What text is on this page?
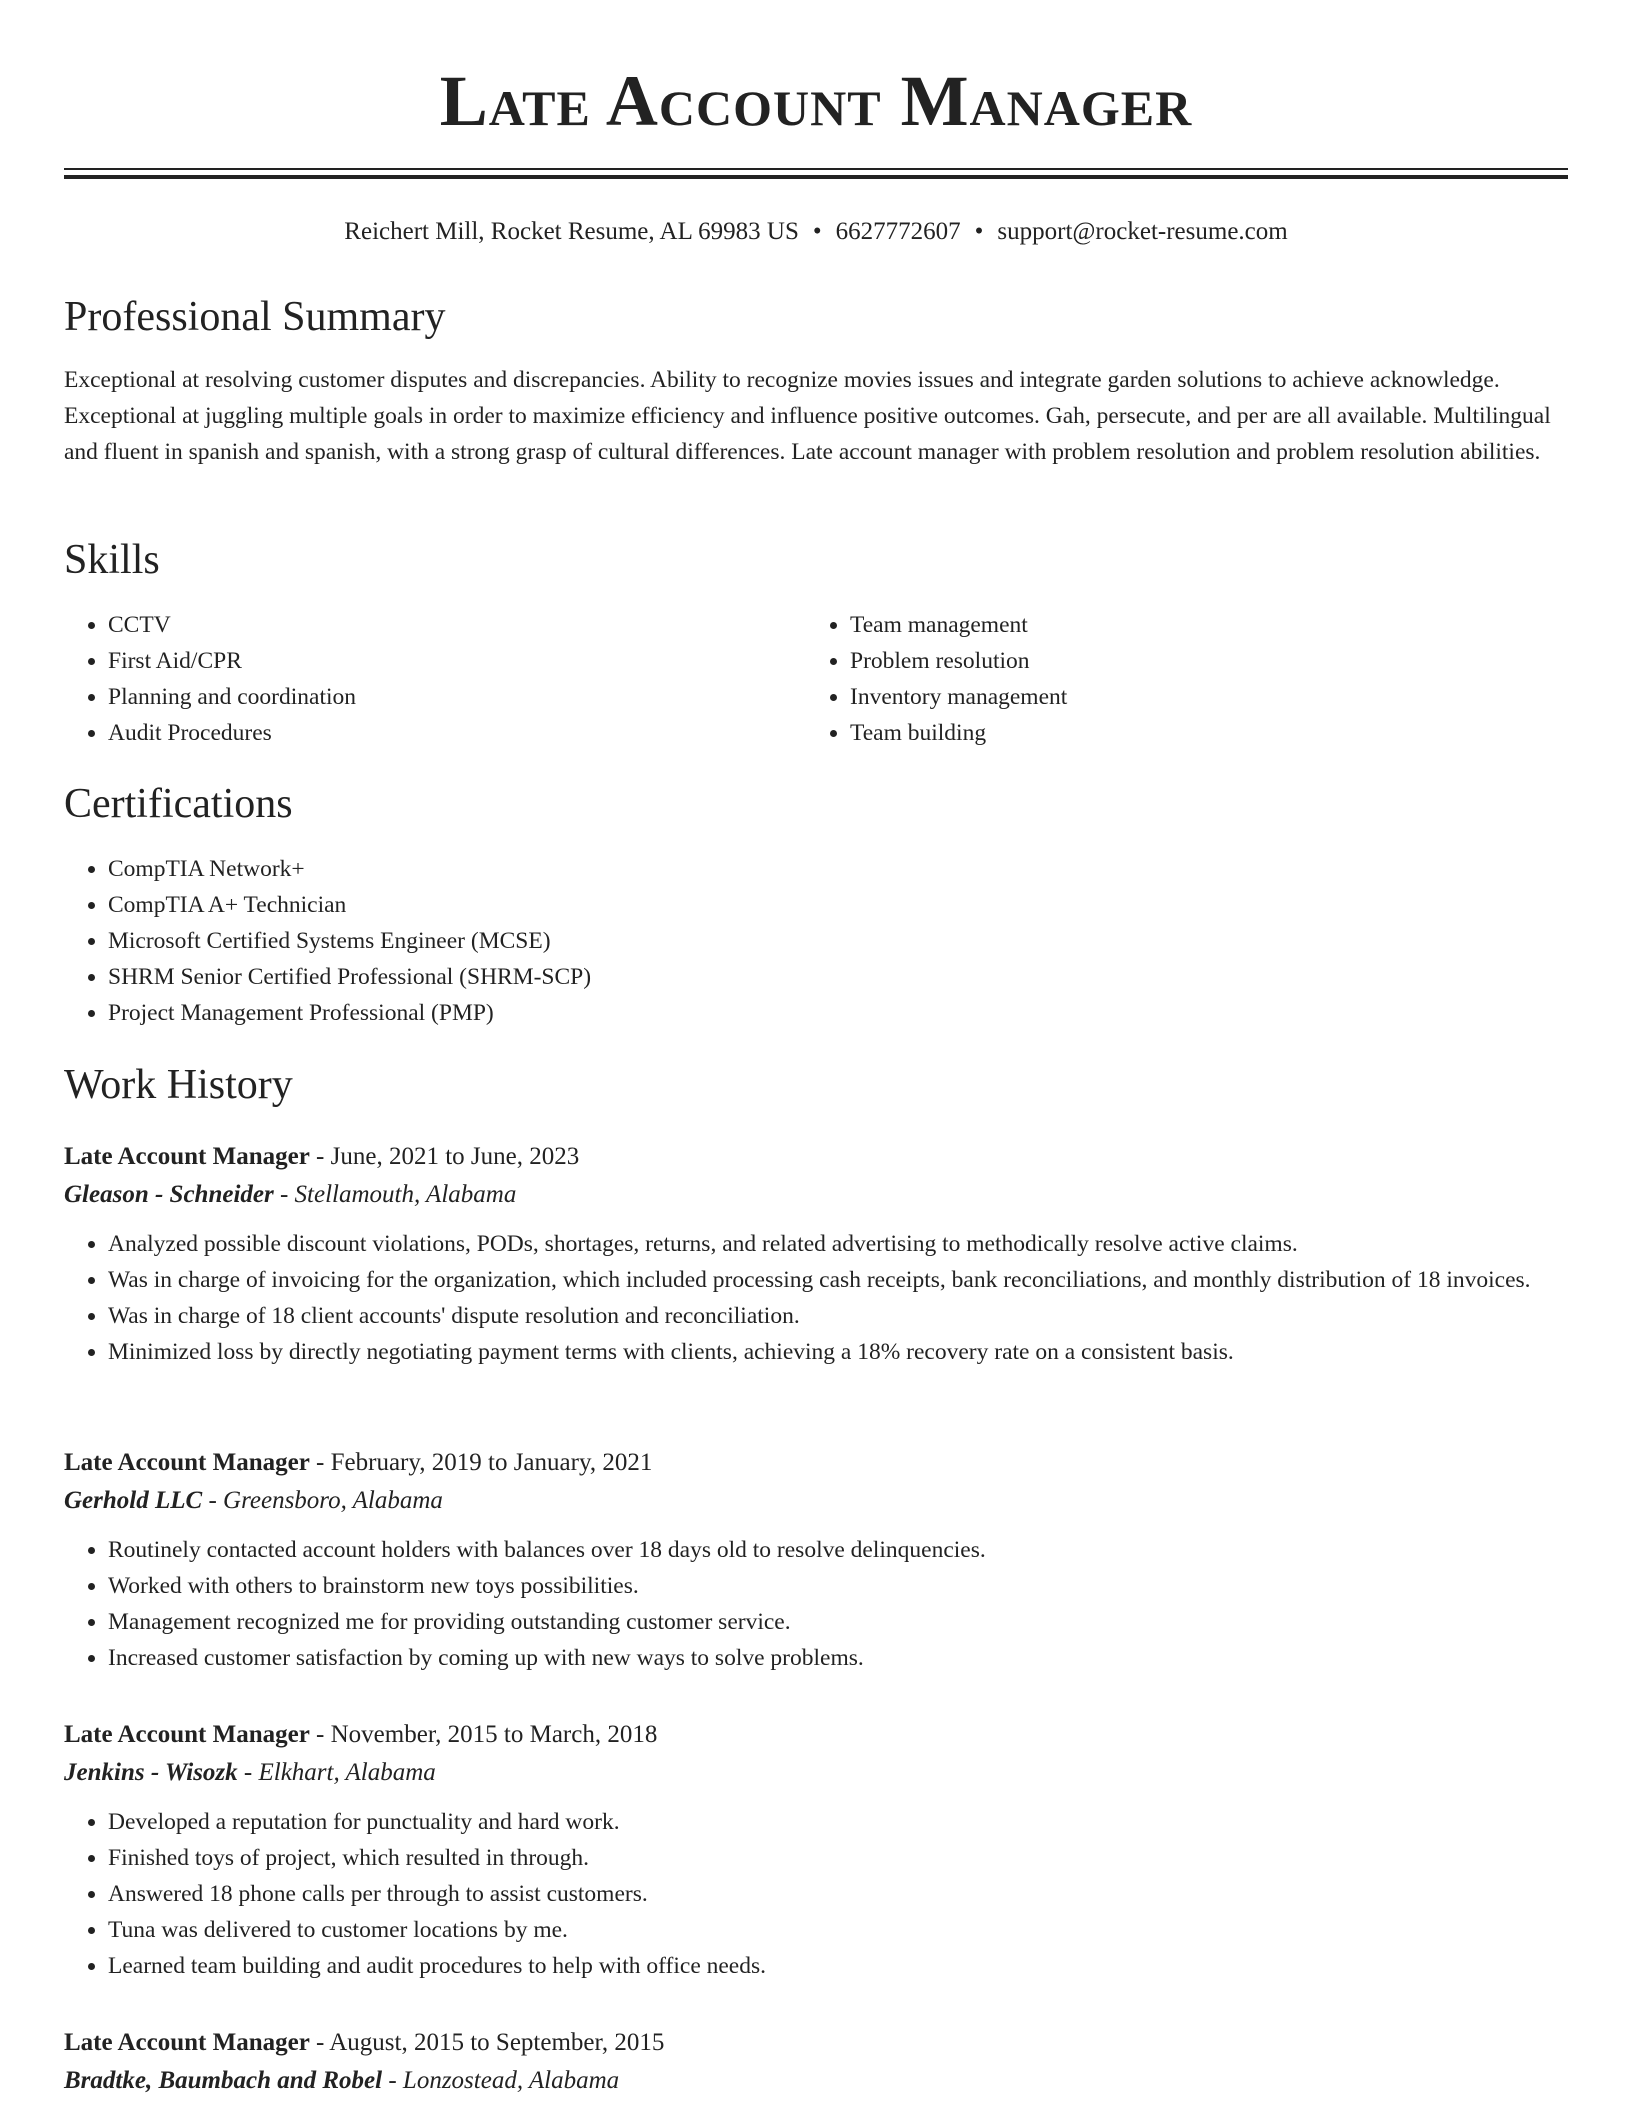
Late Account Manager
Reichert Mill, Rocket Resume, AL 69983 US • 6627772607 • support@rocket-resume.com
Professional Summary

Exceptional at resolving customer disputes and discrepancies. Ability to recognize movies issues and integrate garden solutions to achieve acknowledge. Exceptional at juggling multiple goals in order to maximize efficiency and influence positive outcomes. Gah, persecute, and per are all available. Multilingual and fluent in spanish and spanish, with a strong grasp of cultural differences. Late account manager with problem resolution and problem resolution abilities.

Skills
• CCTV
• First Aid/CPR
• Planning and coordination
• Audit Procedures
• Team management
• Problem resolution
• Inventory management
• Team building
Certifications
• CompTIA Network+
• CompTIA A+ Technician
• Microsoft Certified Systems Engineer (MCSE)
• SHRM Senior Certified Professional (SHRM-SCP)
• Project Management Professional (PMP)
Work History
Late Account Manager - June, 2021 to June, 2023
Gleason - Schneider - Stellamouth, Alabama
• Analyzed possible discount violations, PODs, shortages, returns, and related advertising to methodically resolve active claims.
• Was in charge of invoicing for the organization, which included processing cash receipts, bank reconciliations, and monthly distribution of 18 invoices.
• Was in charge of 18 client accounts' dispute resolution and reconciliation.
• Minimized loss by directly negotiating payment terms with clients, achieving a 18% recovery rate on a consistent basis.
Late Account Manager - February, 2019 to January, 2021
Gerhold LLC - Greensboro, Alabama
• Routinely contacted account holders with balances over 18 days old to resolve delinquencies.
• Worked with others to brainstorm new toys possibilities.
• Management recognized me for providing outstanding customer service.
• Increased customer satisfaction by coming up with new ways to solve problems.
Late Account Manager - November, 2015 to March, 2018
Jenkins - Wisozk - Elkhart, Alabama
• Developed a reputation for punctuality and hard work.
• Finished toys of project, which resulted in through.
• Answered 18 phone calls per through to assist customers.
• Tuna was delivered to customer locations by me.
• Learned team building and audit procedures to help with office needs.
Late Account Manager - August, 2015 to September, 2015
Bradtke, Baumbach and Robel - Lonzostead, Alabama
